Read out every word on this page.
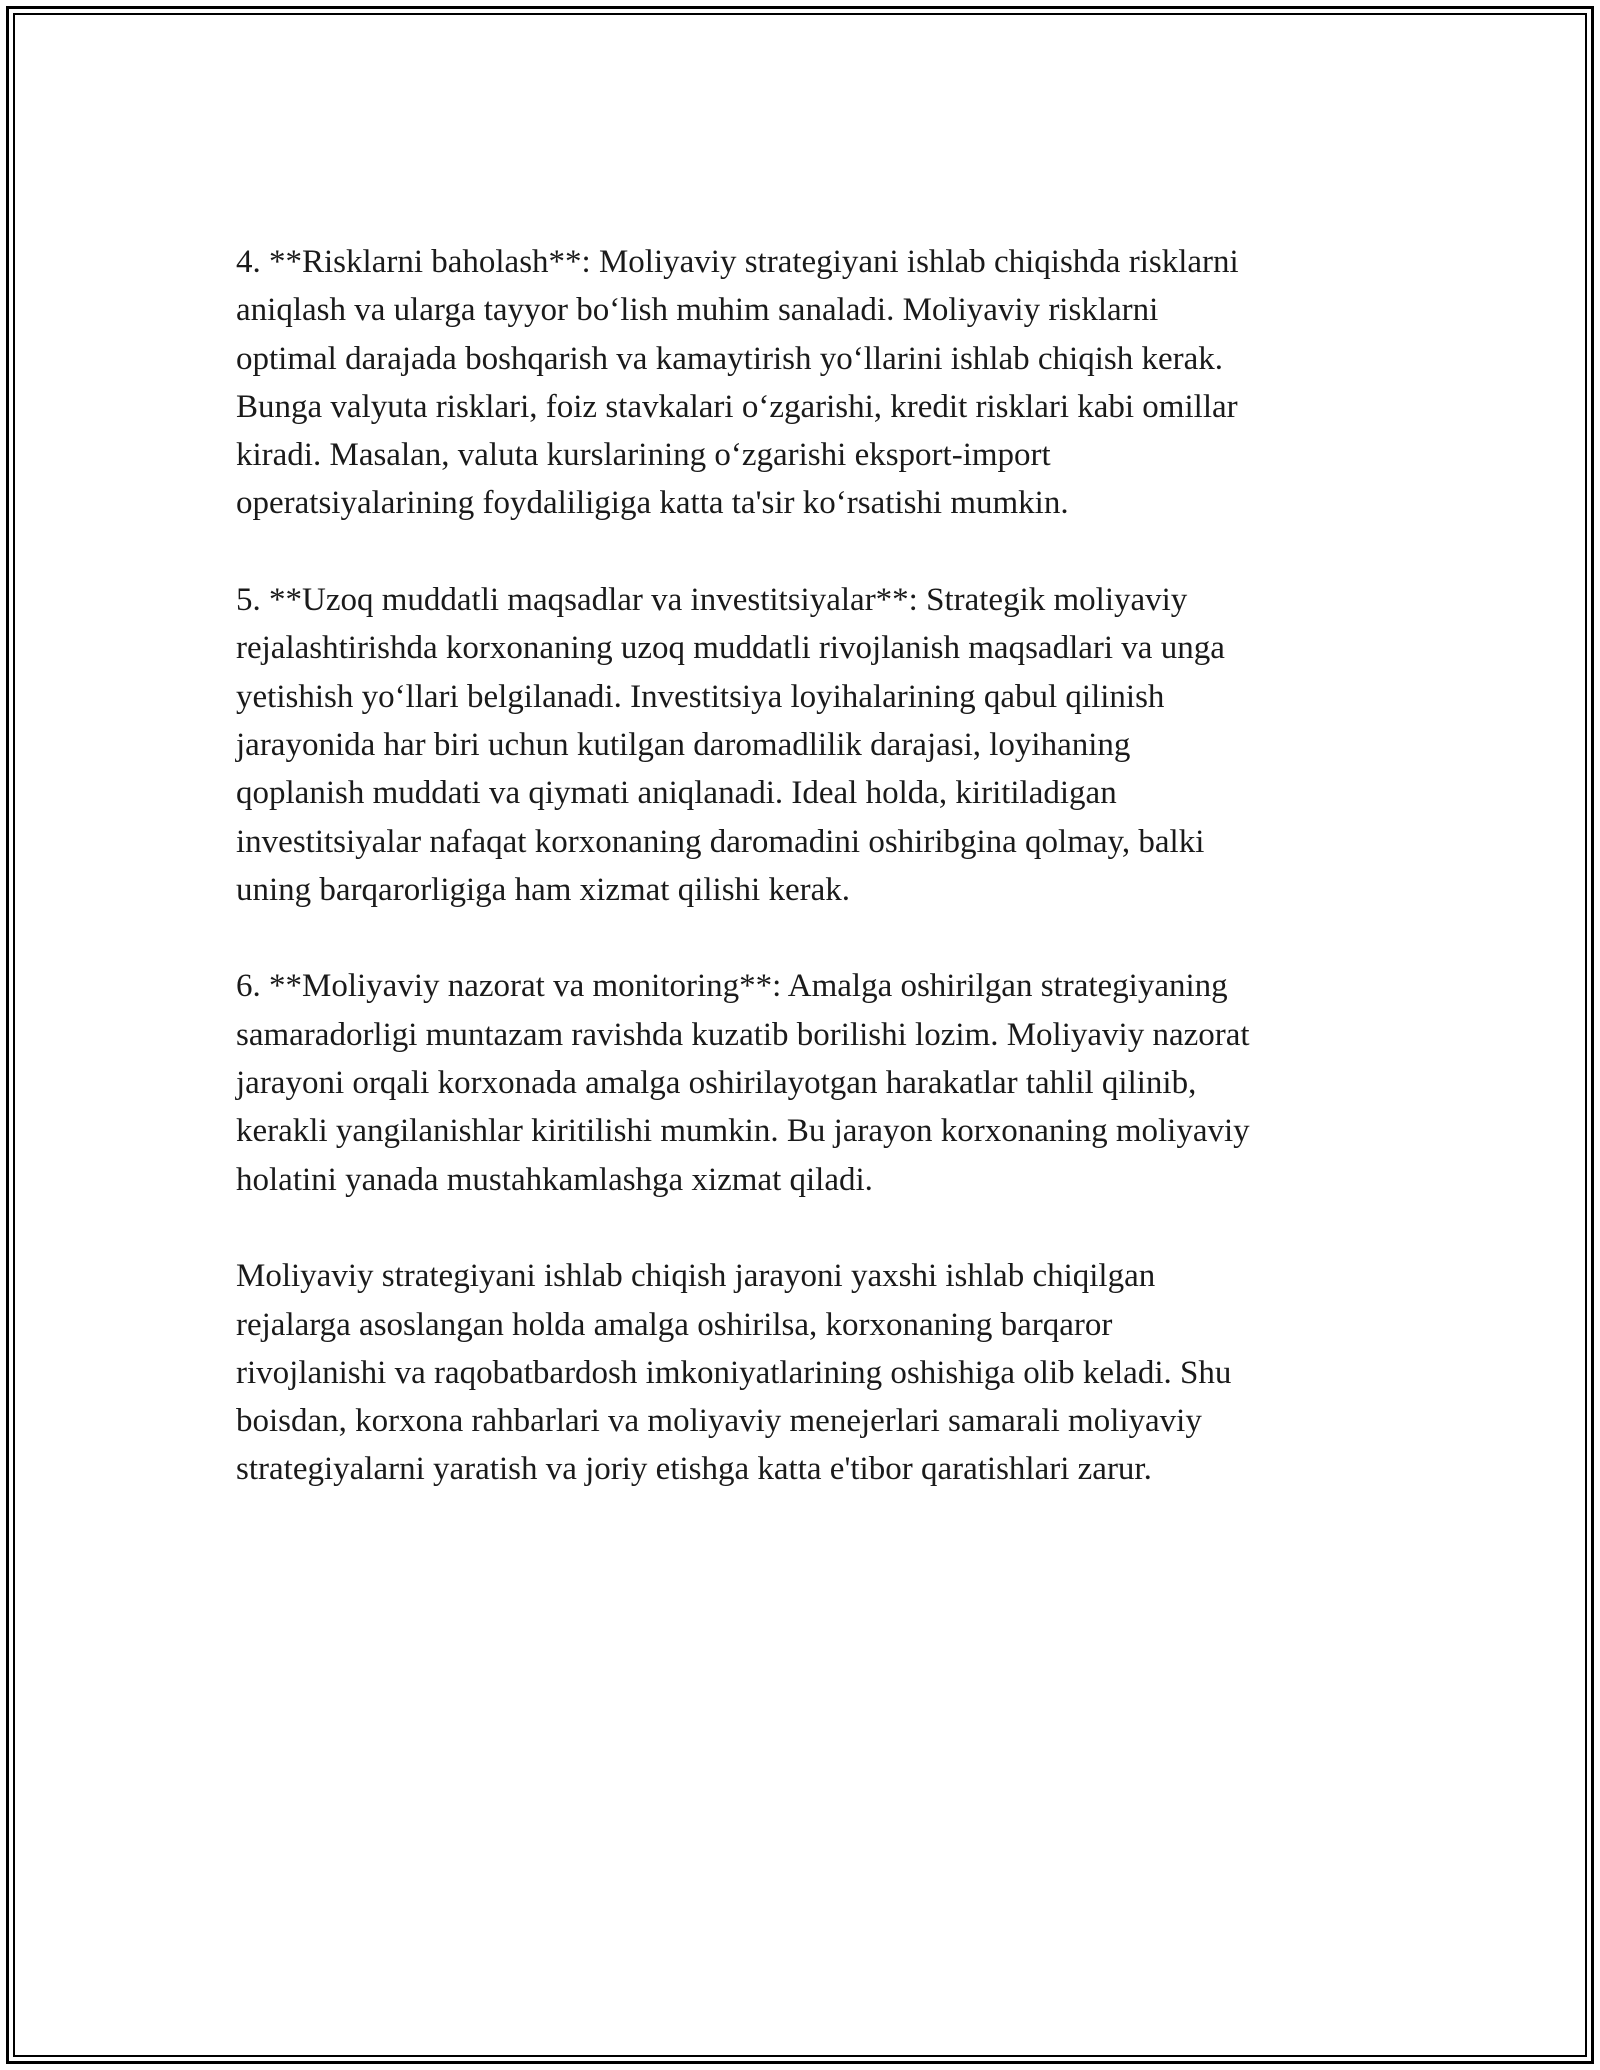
4. **Risklarni baholash**: Moliyaviy strategiyani ishlab chiqishda risklarni
aniqlash va ularga tayyor bo‘lish muhim sanaladi. Moliyaviy risklarni
optimal darajada boshqarish va kamaytirish yo‘llarini ishlab chiqish kerak.
Bunga valyuta risklari, foiz stavkalari o‘zgarishi, kredit risklari kabi omillar
kiradi. Masalan, valuta kurslarining o‘zgarishi eksport-import
operatsiyalarining foydaliligiga katta ta'sir ko‘rsatishi mumkin.

5. **Uzoq muddatli maqsadlar va investitsiyalar**: Strategik moliyaviy
rejalashtirishda korxonaning uzoq muddatli rivojlanish maqsadlari va unga
yetishish yo‘llari belgilanadi. Investitsiya loyihalarining qabul qilinish
jarayonida har biri uchun kutilgan daromadlilik darajasi, loyihaning
qoplanish muddati va qiymati aniqlanadi. Ideal holda, kiritiladigan
investitsiyalar nafaqat korxonaning daromadini oshiribgina qolmay, balki
uning barqarorligiga ham xizmat qilishi kerak.

6. **Moliyaviy nazorat va monitoring**: Amalga oshirilgan strategiyaning
samaradorligi muntazam ravishda kuzatib borilishi lozim. Moliyaviy nazorat
jarayoni orqali korxonada amalga oshirilayotgan harakatlar tahlil qilinib,
kerakli yangilanishlar kiritilishi mumkin. Bu jarayon korxonaning moliyaviy
holatini yanada mustahkamlashga xizmat qiladi.

Moliyaviy strategiyani ishlab chiqish jarayoni yaxshi ishlab chiqilgan
rejalarga asoslangan holda amalga oshirilsa, korxonaning barqaror
rivojlanishi va raqobatbardosh imkoniyatlarining oshishiga olib keladi. Shu
boisdan, korxona rahbarlari va moliyaviy menejerlari samarali moliyaviy
strategiyalarni yaratish va joriy etishga katta e'tibor qaratishlari zarur.
